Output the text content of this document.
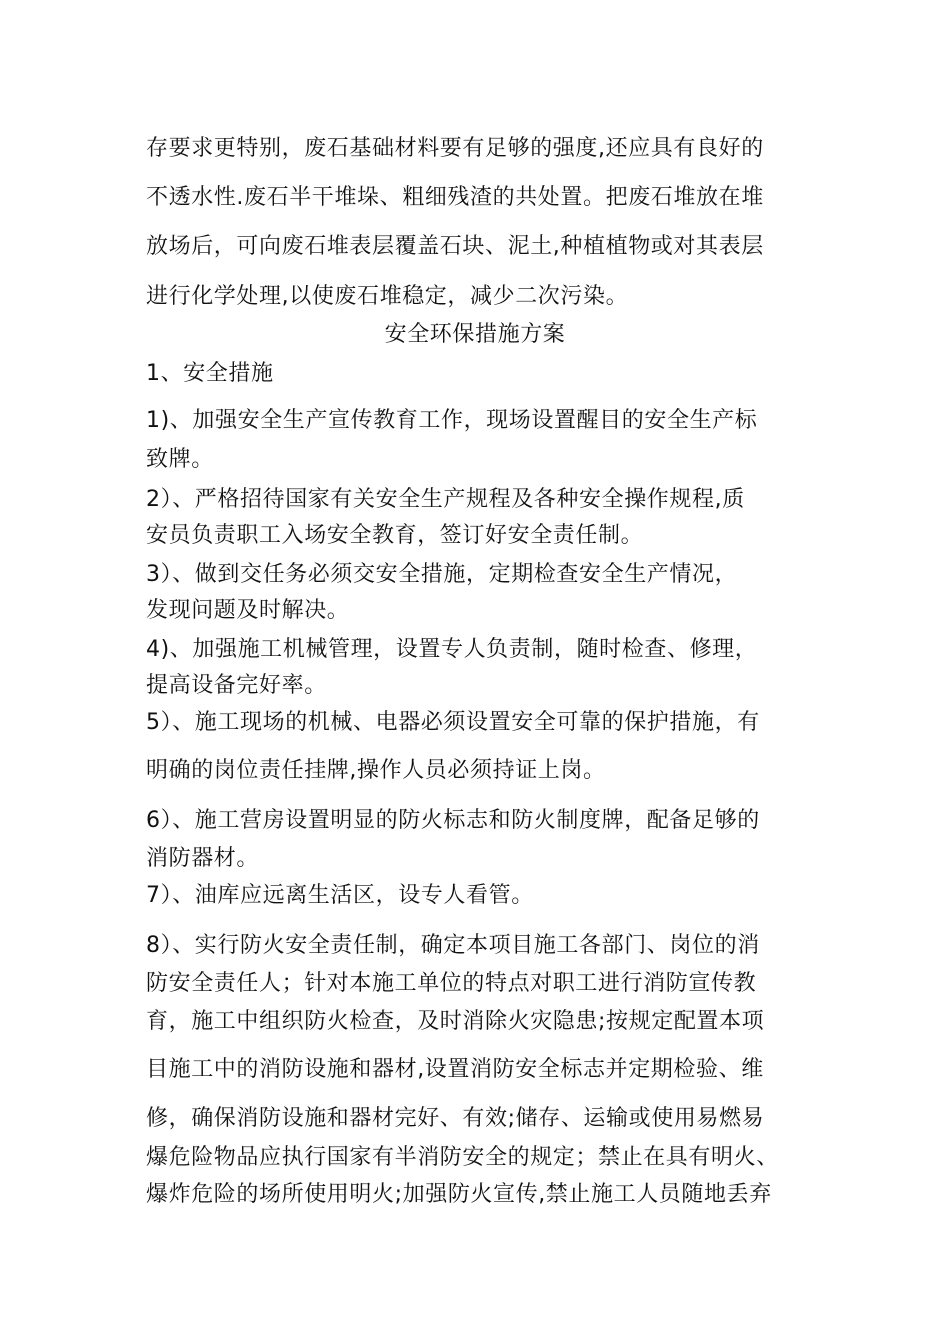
存要求更特别，废石基础材料要有足够的强度,还应具有良好的
不透水性.废石半干堆垛、粗细残渣的共处置。把废石堆放在堆
放场后，可向废石堆表层覆盖石块、泥土,种植植物或对其表层
进行化学处理,以使废石堆稳定，减少二次污染。
安全环保措施方案
1、安全措施
1)、加强安全生产宣传教育工作，现场设置醒目的安全生产标
致牌。
2）、严格招待国家有关安全生产规程及各种安全操作规程,质
安员负责职工入场安全教育，签订好安全责任制。
3）、做到交任务必须交安全措施，定期检查安全生产情况，
发现问题及时解决。
4)、加强施工机械管理，设置专人负责制，随时检查、修理，
提高设备完好率。
5）、施工现场的机械、电器必须设置安全可靠的保护措施，有
明确的岗位责任挂牌,操作人员必须持证上岗。
6）、施工营房设置明显的防火标志和防火制度牌，配备足够的
消防器材。
7）、油库应远离生活区，设专人看管。
8）、实行防火安全责任制，确定本项目施工各部门、岗位的消
防安全责任人；针对本施工单位的特点对职工进行消防宣传教
育，施工中组织防火检查，及时消除火灾隐患;按规定配置本项
目施工中的消防设施和器材,设置消防安全标志并定期检验、维
修，确保消防设施和器材完好、有效;储存、运输或使用易燃易
爆危险物品应执行国家有半消防安全的规定；禁止在具有明火、
爆炸危险的场所使用明火;加强防火宣传,禁止施工人员随地丢弃
